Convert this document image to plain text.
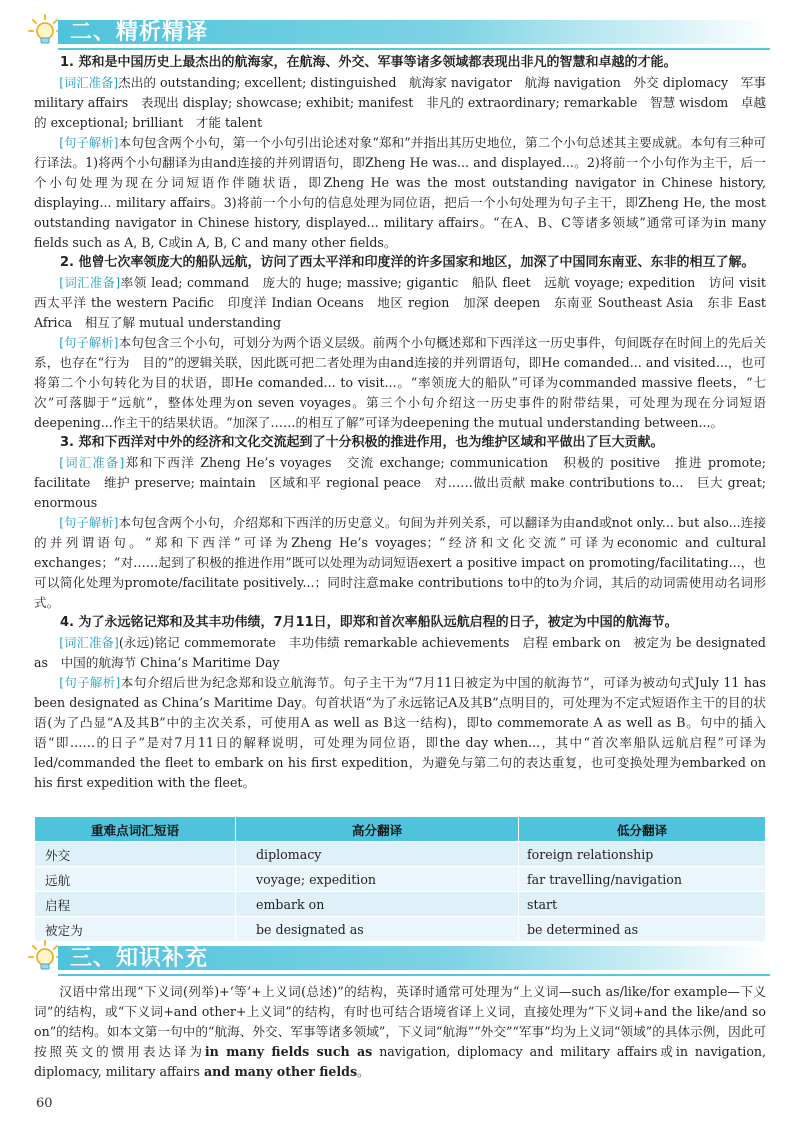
二、精析精译

1. 郑和是中国历史上最杰出的航海家，在航海、外交、军事等诸多领域都表现出非凡的智慧和卓越的才能。

[词汇准备]杰出的 outstanding; excellent; distinguished　航海家 navigator　航海 navigation　外交 diplomacy　军事 military affairs　表现出 display; showcase; exhibit; manifest　非凡的 extraordinary; remarkable　智慧 wisdom　卓越的 exceptional; brilliant　才能 talent

[句子解析]本句包含两个小句，第一个小句引出论述对象“郑和”并指出其历史地位，第二个小句总述其主要成就。本句有三种可行译法。1)将两个小句翻译为由and连接的并列谓语句，即Zheng He was... and displayed...。2)将前一个小句作为主干，后一个小句处理为现在分词短语作伴随状语，即Zheng He was the most outstanding navigator in Chinese history, displaying... military affairs。3)将前一个小句的信息处理为同位语，把后一个小句处理为句子主干，即Zheng He, the most outstanding navigator in Chinese history, displayed... military affairs。“在A、B、C等诸多领域”通常可译为in many fields such as A, B, C或in A, B, C and many other fields。

2. 他曾七次率领庞大的船队远航，访问了西太平洋和印度洋的许多国家和地区，加深了中国同东南亚、东非的相互了解。

[词汇准备]率领 lead; command　庞大的 huge; massive; gigantic　船队 fleet　远航 voyage; expedition　访问 visit　西太平洋 the western Pacific　印度洋 Indian Oceans　地区 region　加深 deepen　东南亚 Southeast Asia　东非 East Africa　相互了解 mutual understanding

[句子解析]本句包含三个小句，可划分为两个语义层级。前两个小句概述郑和下西洋这一历史事件，句间既存在时间上的先后关系，也存在“行为　目的”的逻辑关联，因此既可把二者处理为由and连接的并列谓语句，即He comanded... and visited...，也可将第二个小句转化为目的状语，即He comanded... to visit...。“率领庞大的船队”可译为commanded massive fleets，“七次”可落脚于“远航”，整体处理为on seven voyages。第三个小句介绍这一历史事件的附带结果，可处理为现在分词短语deepening...作主干的结果状语。“加深了……的相互了解”可译为deepening the mutual understanding between...。

3. 郑和下西洋对中外的经济和文化交流起到了十分积极的推进作用，也为维护区域和平做出了巨大贡献。

[词汇准备]郑和下西洋 Zheng He’s voyages　交流 exchange; communication　积极的 positive　推进 promote; facilitate　维护 preserve; maintain　区域和平 regional peace　对……做出贡献 make contributions to...　巨大 great; enormous

[句子解析]本句包含两个小句，介绍郑和下西洋的历史意义。句间为并列关系，可以翻译为由and或not only... but also...连接的并列谓语句。“郑和下西洋”可译为Zheng He’s voyages；“经济和文化交流”可译为economic and cultural exchanges；“对……起到了积极的推进作用”既可以处理为动词短语exert a positive impact on promoting/facilitating...，也可以简化处理为promote/facilitate positively...；同时注意make contributions to中的to为介词，其后的动词需使用动名词形式。

4. 为了永远铭记郑和及其丰功伟绩，7月11日，即郑和首次率船队远航启程的日子，被定为中国的航海节。

[词汇准备](永远)铭记 commemorate　丰功伟绩 remarkable achievements　启程 embark on　被定为 be designated as　中国的航海节 China’s Maritime Day

[句子解析]本句介绍后世为纪念郑和设立航海节。句子主干为“7月11日被定为中国的航海节”，可译为被动句式July 11 has been designated as China’s Maritime Day。句首状语“为了永远铭记A及其B”点明目的，可处理为不定式短语作主干的目的状语(为了凸显“A及其B”中的主次关系，可使用A as well as B这一结构)，即to commemorate A as well as B。句中的插入语“即……的日子”是对7月11日的解释说明，可处理为同位语，即the day when...，其中“首次率船队远航启程”可译为led/commanded the fleet to embark on his first expedition，为避免与第二句的表达重复，也可变换处理为embarked on his first expedition with the fleet。

重难点词汇短语	高分翻译	低分翻译
外交	diplomacy	foreign relationship
远航	voyage; expedition	far travelling/navigation
启程	embark on	start
被定为	be designated as	be determined as
三、知识补充

汉语中常出现“下义词(列举)+‘等’+上义词(总述)”的结构，英译时通常可处理为“上义词—such as/like/for example—下义词”的结构，或“下义词+and other+上义词”的结构，有时也可结合语境省译上义词，直接处理为“下义词+and the like/and so on”的结构。如本文第一句中的“航海、外交、军事等诸多领域”，下义词“航海”“外交”“军事”均为上义词“领域”的具体示例，因此可按照英文的惯用表达译为in many fields such as navigation, diplomacy and military affairs或in navigation, diplomacy, military affairs and many other fields。

60
